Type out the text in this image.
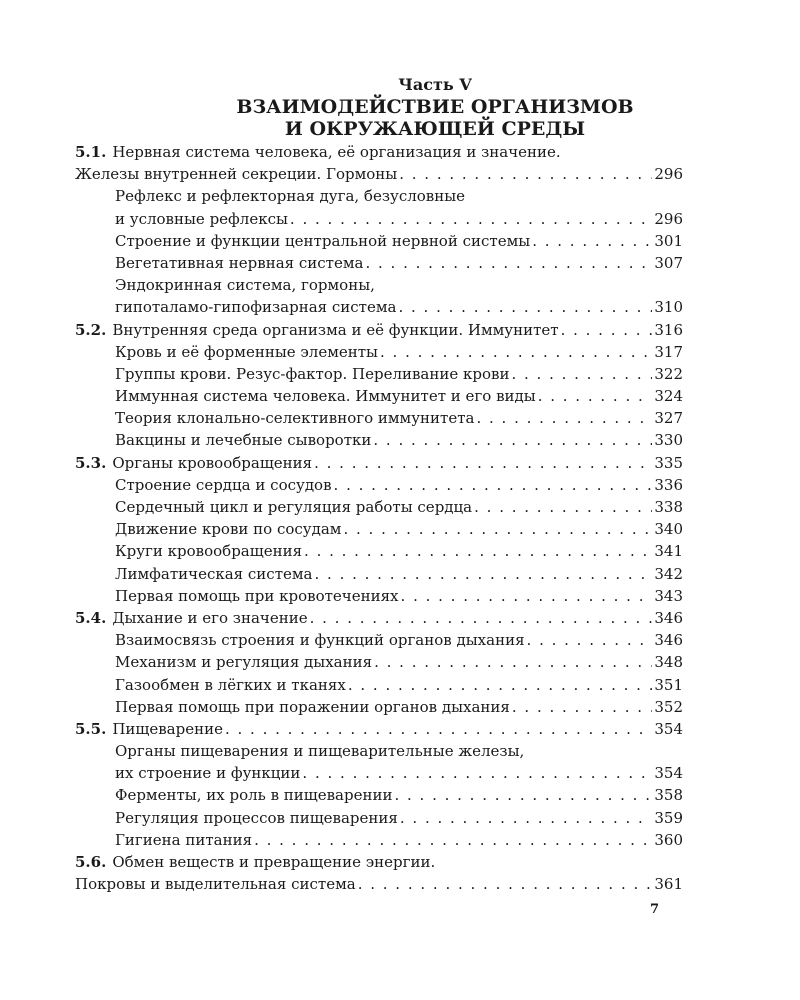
Часть V
ВЗАИМОДЕЙСТВИЕ ОРГАНИЗМОВ
И ОКРУЖАЮЩЕЙ СРЕДЫ
5.1. Нервная система человека, её организация и значение.
Железы внутренней секреции. Гормоны . . .	296
Рефлекс и рефлекторная дуга, безусловные
и условные рефлексы . . .	296
Строение и функции центральной нервной системы . . .	301
Вегетативная нервная система . . .	307
Эндокринная система, гормоны,
гипоталамо-гипофизарная система . . .	310
5.2. Внутренняя среда организма и её функции. Иммунитет . . .	316
Кровь и её форменные элементы . . .	317
Группы крови. Резус-фактор. Переливание крови . . .	322
Иммунная система человека. Иммунитет и его виды . . .	324
Теория клонально-селективного иммунитета . . .	327
Вакцины и лечебные сыворотки . . .	330
5.3. Органы кровообращения . . .	335
Строение сердца и сосудов . . .	336
Сердечный цикл и регуляция работы сердца . . .	338
Движение крови по сосудам . . .	340
Круги кровообращения . . .	341
Лимфатическая система . . .	342
Первая помощь при кровотечениях . . .	343
5.4. Дыхание и его значение . . .	346
Взаимосвязь строения и функций органов дыхания . . .	346
Механизм и регуляция дыхания . . .	348
Газообмен в лёгких и тканях . . .	351
Первая помощь при поражении органов дыхания . . .	352
5.5. Пищеварение . . .	354
Органы пищеварения и пищеварительные железы,
их строение и функции . . .	354
Ферменты, их роль в пищеварении . . .	358
Регуляция процессов пищеварения . . .	359
Гигиена питания . . .	360
5.6. Обмен веществ и превращение энергии.
Покровы и выделительная система . . .	361
7
